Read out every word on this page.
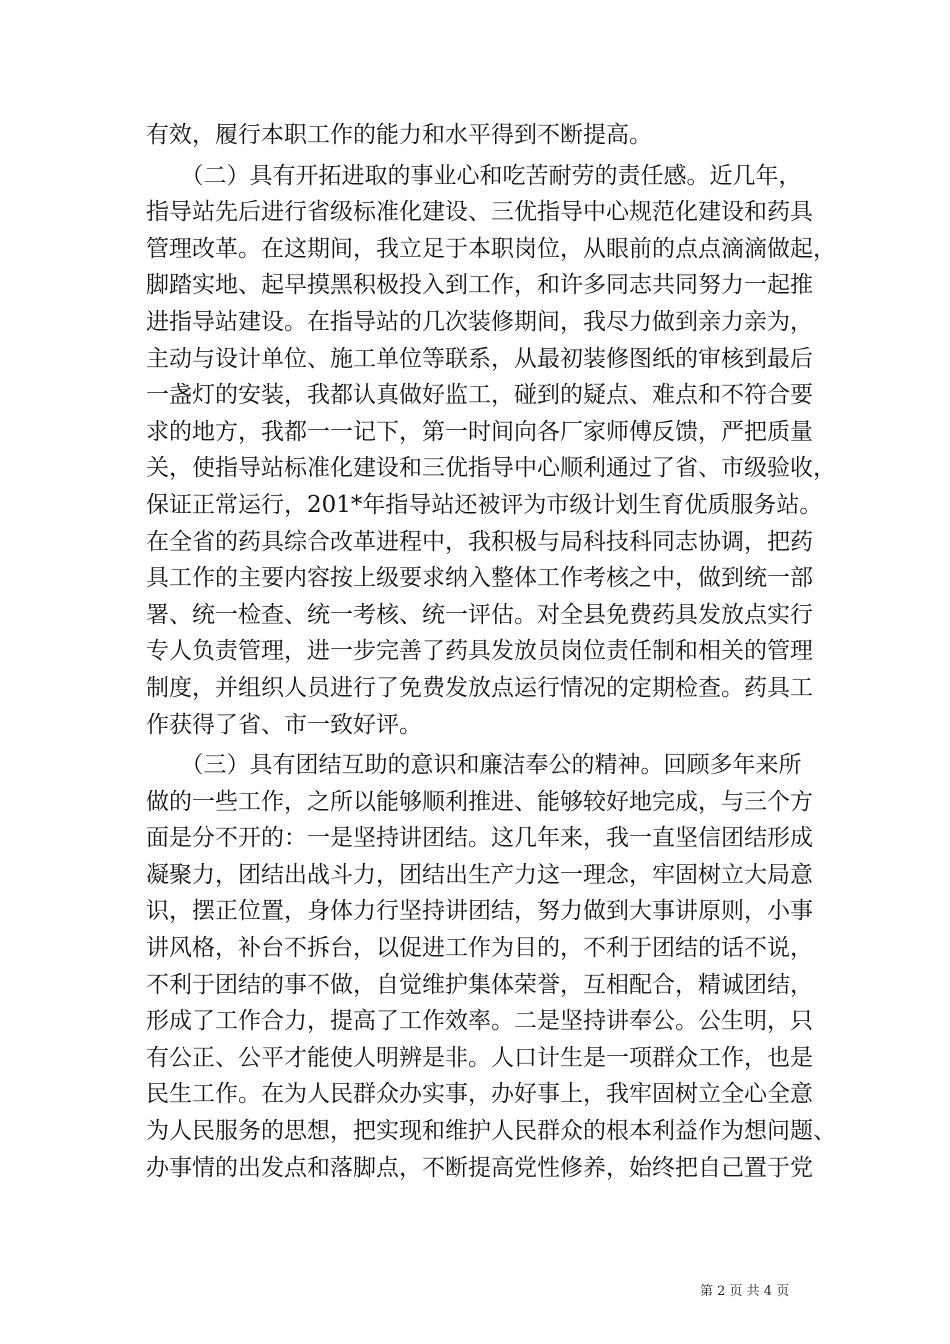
有效，履行本职工作的能力和水平得到不断提高。
　　（二）具有开拓进取的事业心和吃苦耐劳的责任感。近几年，
指导站先后进行省级标准化建设、三优指导中心规范化建设和药具
管理改革。在这期间，我立足于本职岗位，从眼前的点点滴滴做起，
脚踏实地、起早摸黑积极投入到工作，和许多同志共同努力一起推
进指导站建设。在指导站的几次装修期间，我尽力做到亲力亲为，
主动与设计单位、施工单位等联系，从最初装修图纸的审核到最后
一盏灯的安装，我都认真做好监工，碰到的疑点、难点和不符合要
求的地方，我都一一记下，第一时间向各厂家师傅反馈，严把质量
关，使指导站标准化建设和三优指导中心顺利通过了省、市级验收，
保证正常运行，201*年指导站还被评为市级计划生育优质服务站。
在全省的药具综合改革进程中，我积极与局科技科同志协调，把药
具工作的主要内容按上级要求纳入整体工作考核之中，做到统一部
署、统一检查、统一考核、统一评估。对全县免费药具发放点实行
专人负责管理，进一步完善了药具发放员岗位责任制和相关的管理
制度，并组织人员进行了免费发放点运行情况的定期检查。药具工
作获得了省、市一致好评。
　　（三）具有团结互助的意识和廉洁奉公的精神。回顾多年来所
做的一些工作，之所以能够顺利推进、能够较好地完成，与三个方
面是分不开的：一是坚持讲团结。这几年来，我一直坚信团结形成
凝聚力，团结出战斗力，团结出生产力这一理念，牢固树立大局意
识，摆正位置，身体力行坚持讲团结，努力做到大事讲原则，小事
讲风格，补台不拆台，以促进工作为目的，不利于团结的话不说，
不利于团结的事不做，自觉维护集体荣誉，互相配合，精诚团结，
形成了工作合力，提高了工作效率。二是坚持讲奉公。公生明，只
有公正、公平才能使人明辨是非。人口计生是一项群众工作，也是
民生工作。在为人民群众办实事，办好事上，我牢固树立全心全意
为人民服务的思想，把实现和维护人民群众的根本利益作为想问题、
办事情的出发点和落脚点，不断提高党性修养，始终把自己置于党
第 2 页 共 4 页
